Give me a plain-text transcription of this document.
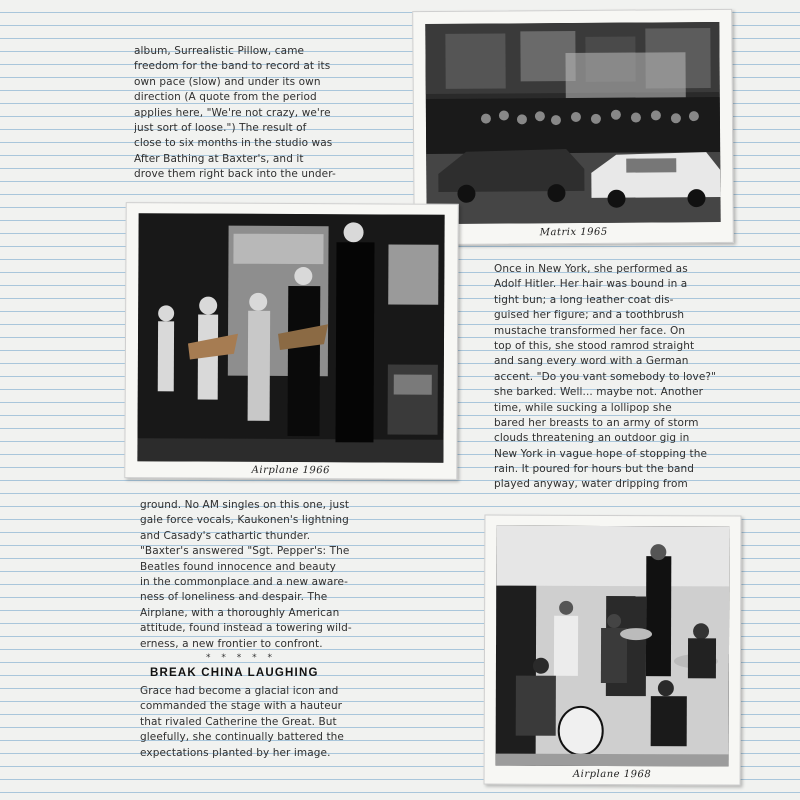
album, Surrealistic Pillow, came
freedom for the band to record at its
own pace (slow) and under its own
direction (A quote from the period
applies here, "We're not crazy, we're
just sort of loose.") The result of
close to six months in the studio was
After Bathing at Baxter's, and it
drove them right back into the under-
Matrix 1965
Airplane 1966
Once in New York, she performed as
Adolf Hitler. Her hair was bound in a
tight bun; a long leather coat dis-
guised her figure; and a toothbrush
mustache transformed her face. On
top of this, she stood ramrod straight
and sang every word with a German
accent. "Do you vant somebody to love?"
she barked. Well... maybe not. Another
time, while sucking a lollipop she
bared her breasts to an army of storm
clouds threatening an outdoor gig in
New York in vague hope of stopping the
rain. It poured for hours but the band
played anyway, water dripping from
ground. No AM singles on this one, just
gale force vocals, Kaukonen's lightning
and Casady's cathartic thunder.
"Baxter's answered "Sgt. Pepper's: The
Beatles found innocence and beauty
in the commonplace and a new aware-
ness of loneliness and despair. The
Airplane, with a thoroughly American
attitude, found instead a towering wild-
erness, a new frontier to confront.
* * * * *
BREAK CHINA LAUGHING
Grace had become a glacial icon and
commanded the stage with a hauteur
that rivaled Catherine the Great. But
gleefully, she continually battered the
expectations planted by her image.
Airplane 1968
